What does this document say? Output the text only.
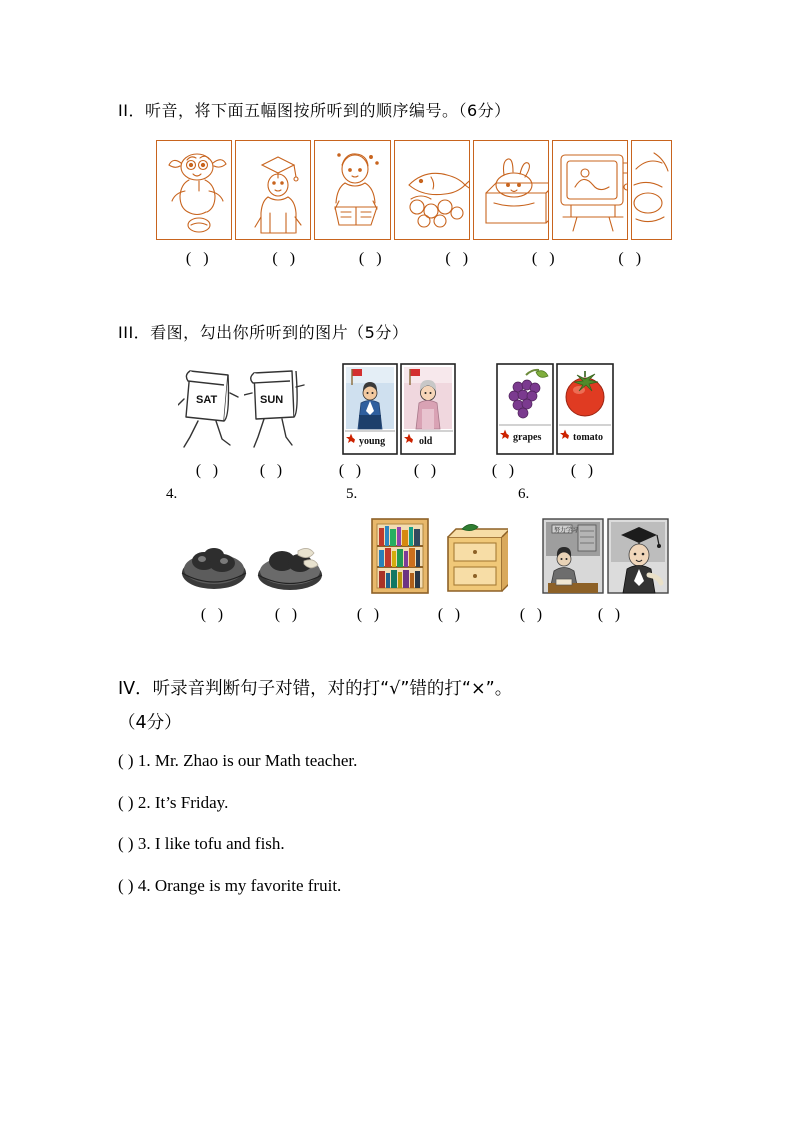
II．听音，将下面五幅图按所听到的顺序编号。（6分）
( )	( )	( )	( )	( )	( )
III．看图，勾出你所听到的图片（5分）
SAT	SUN
young	old	grapes	tomato
( )	( )	( )	( )	( )	( )
4.	5.	6.
努力学习
( )	( )	( )	( )	( )	( )
IV．听录音判断句子对错，对的打“√”错的打“×”。
（4分）
( ) 1. Mr. Zhao is our Math teacher.
( ) 2. It’s Friday.
( ) 3. I like tofu and fish.
( ) 4. Orange is my favorite fruit.
